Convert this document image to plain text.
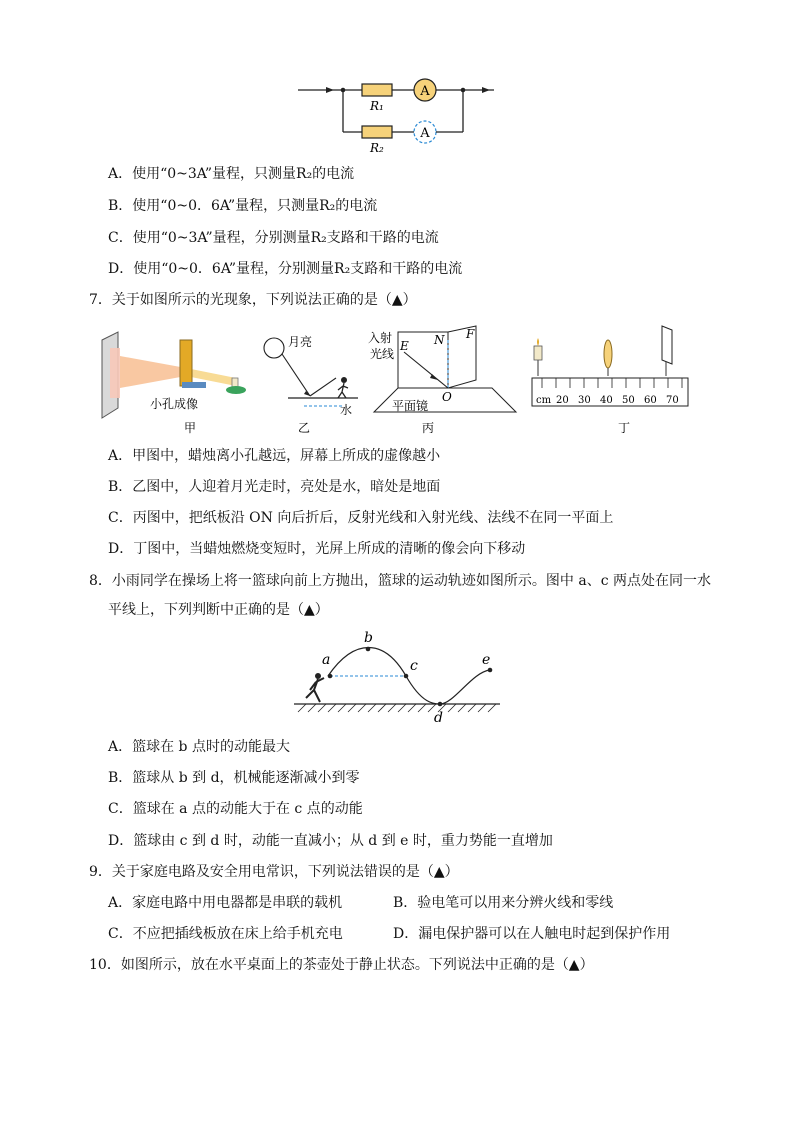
A
A
R₁
R₂
A．使用“0~3A”量程，只测量R₂的电流
B．使用“0~0．6A”量程，只测量R₂的电流
C．使用“0~3A”量程，分别测量R₂支路和干路的电流
D．使用“0~0．6A”量程，分别测量R₂支路和干路的电流
7．关于如图所示的光现象，下列说法正确的是（▲）
小孔成像
甲
月亮
水
乙
入射
光线
E N F
O
平面镜
丙
cm 20 30 40 50 60 70
丁
A．甲图中，蜡烛离小孔越远，屏幕上所成的虚像越小
B．乙图中，人迎着月光走时，亮处是水，暗处是地面
C．丙图中，把纸板沿 ON 向后折后，反射光线和入射光线、法线不在同一平面上
D．丁图中，当蜡烛燃烧变短时，光屏上所成的清晰的像会向下移动
8．小雨同学在操场上将一篮球向前上方抛出，篮球的运动轨迹如图所示。图中 a、c 两点处在同一水
平线上，下列判断中正确的是（▲）
a
b
c
d
e
A．篮球在 b 点时的动能最大
B．篮球从 b 到 d，机械能逐渐减小到零
C．篮球在 a 点的动能大于在 c 点的动能
D．篮球由 c 到 d 时，动能一直减小；从 d 到 e 时，重力势能一直增加
9．关于家庭电路及安全用电常识，下列说法错误的是（▲）
A．家庭电路中用电器都是串联的载机	B．验电笔可以用来分辨火线和零线
C．不应把插线板放在床上给手机充电	D．漏电保护器可以在人触电时起到保护作用
10．如图所示，放在水平桌面上的茶壶处于静止状态。下列说法中正确的是（▲）
